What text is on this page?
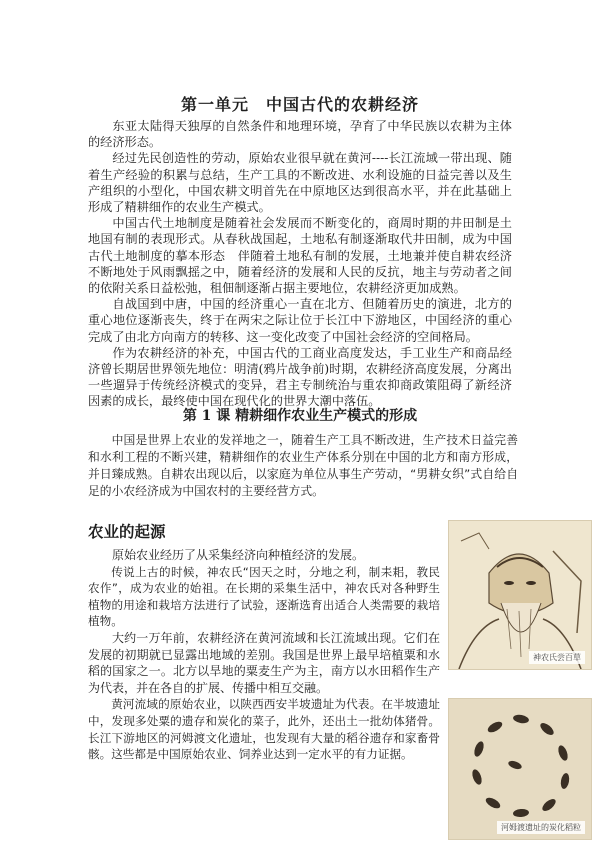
第一单元　中国古代的农耕经济

东亚太陆得天独厚的自然条件和地理环境，孕育了中华民族以农耕为主体的经济形态。

经过先民创造性的劳动，原始农业很早就在黄河----长江流域一带出现、随着生产经验的积累与总结，生产工具的不断改进、水利设施的日益完善以及生产组织的小型化，中国农耕文明首先在中原地区达到很高水平，并在此基础上形成了精耕细作的农业生产模式。

中国古代土地制度是随着社会发展而不断变化的，商周时期的井田制是土地国有制的表现形式。从春秋战国起，土地私有制逐渐取代井田制，成为中国古代土地制度的摹本形态　伴随着土地私有制的发展，土地兼并使自耕农经济不断地处于风雨飘摇之中，随着经济的发展和人民的反抗，地主与劳动者之间的依附关系日益松弛，租佃制逐渐占据主要地位，农耕经济更加成熟。

自战国到中唐，中国的经济重心一直在北方、但随着历史的演进，北方的重心地位逐渐丧失，终于在两宋之际让位于长江中下游地区，中国经济的重心完成了由北方向南方的转移、这一变化改变了中国社会经济的空间格局。

作为农耕经济的补充，中国古代的工商业高度发达，手工业生产和商品经济曾长期居世界领先地位：明清(鸦片战争前)时期，农耕经济高度发展，分离出一些遛异于传统经济模式的变异，君主专制统治与重农抑商政策阻碍了新经济因素的成长，最终使中国在现代化的世界大潮中落伍。

第 1 课 精耕细作农业生产模式的形成

中国是世界上农业的发祥地之一，随着生产工具不断改进，生产技术日益完善和水利工程的不断兴建，精耕细作的农业生产体系分别在中国的北方和南方形成，并日臻成熟。自耕农出现以后，以家庭为单位从事生产劳动，“男耕女织”式自给自足的小农经济成为中国农村的主要经营方式。

农业的起源

原始农业经历了从采集经济向种植经济的发展。

传说上古的时候，神农氏“因天之时，分地之利，制耒耜，教民农作”，成为农业的始祖。在长期的采集生活中，神农氏对各种野生植物的用途和栽培方法进行了试验，逐渐选育出适合人类需要的栽培植物。

大约一万年前，农耕经济在黄河流域和长江流域出现。它们在发展的初期就已显露出地域的差别。我国是世界上最早培植粟和水稻的国家之一。北方以旱地的粟麦生产为主，南方以水田稻作生产为代表，并在各自的扩展、传播中相互交融。

黄河流域的原始农业，以陕西西安半坡遗址为代表。在半坡遗址中，发现多处粟的遗存和炭化的菜子，此外，还出土一批幼体猪骨。长江下游地区的河姆渡文化遗址，也发现有大量的稻谷遗存和家畜骨骸。这些都是中国原始农业、饲养业达到一定水平的有力证据。

神农氏尝百草
河姆渡遗址的炭化稻粒
